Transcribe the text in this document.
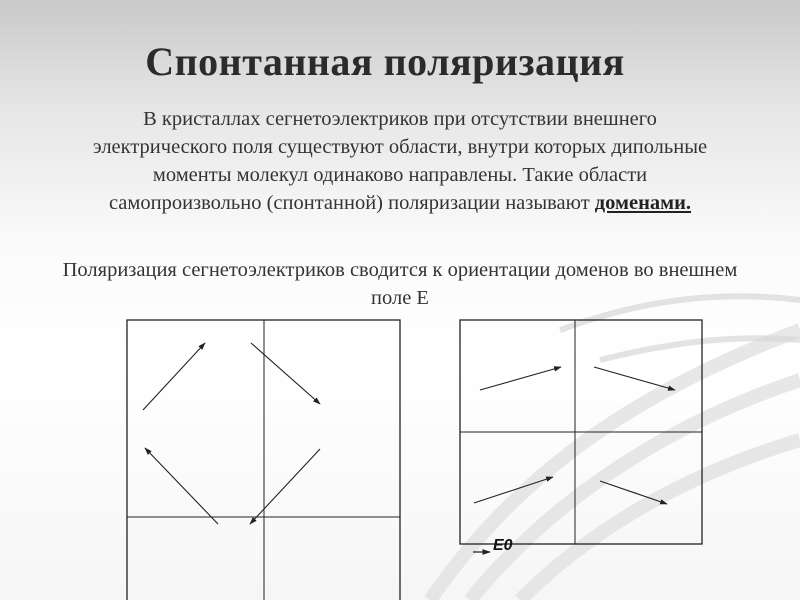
Спонтанная поляризация
В кристаллах сегнетоэлектриков при отсутствии внешнего электрического поля существуют области, внутри которых дипольные моменты молекул одинаково направлены. Такие области самопроизвольно (спонтанной) поляризации называют доменами.
Поляризация сегнетоэлектриков сводится к ориентации доменов во внешнем поле Е
E0
